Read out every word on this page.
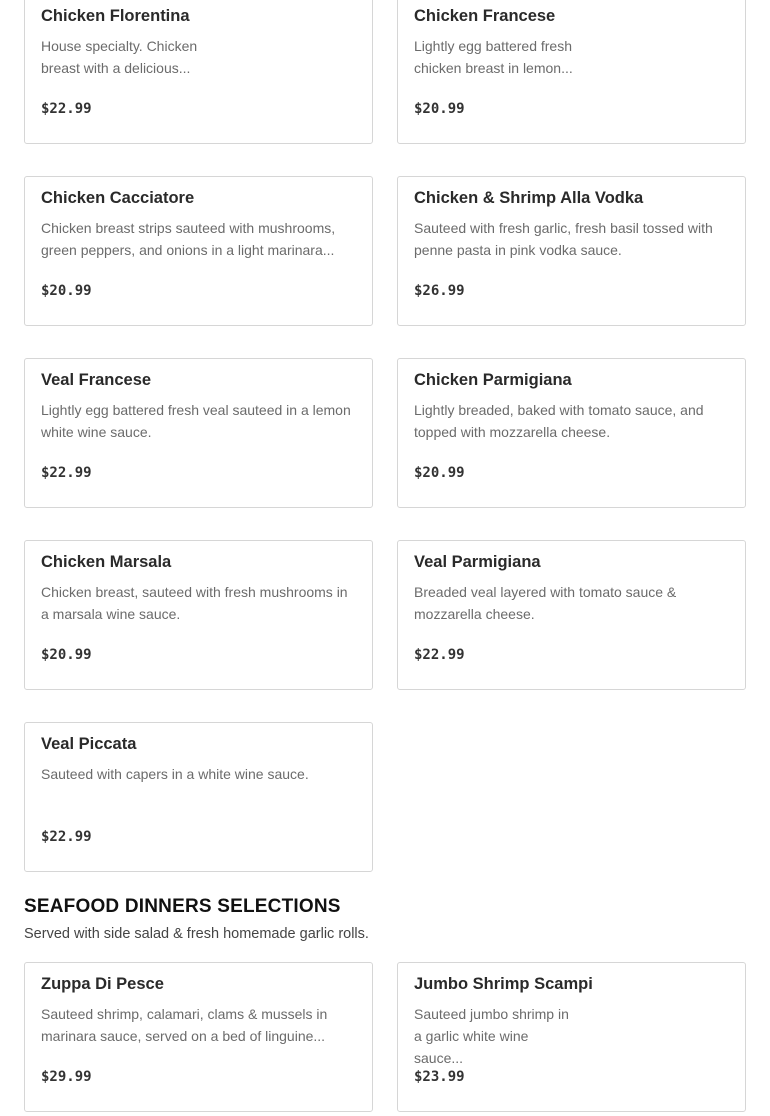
Chicken Florentina
House specialty. Chicken breast with a delicious...
$22.99
Chicken Francese
Lightly egg battered fresh chicken breast in lemon...
$20.99
Chicken Cacciatore
Chicken breast strips sauteed with mushrooms, green peppers, and onions in a light marinara...
$20.99
Chicken & Shrimp Alla Vodka
Sauteed with fresh garlic, fresh basil tossed with penne pasta in pink vodka sauce.
$26.99
Veal Francese
Lightly egg battered fresh veal sauteed in a lemon white wine sauce.
$22.99
Chicken Parmigiana
Lightly breaded, baked with tomato sauce, and topped with mozzarella cheese.
$20.99
Chicken Marsala
Chicken breast, sauteed with fresh mushrooms in a marsala wine sauce.
$20.99
Veal Parmigiana
Breaded veal layered with tomato sauce & mozzarella cheese.
$22.99
Veal Piccata
Sauteed with capers in a white wine sauce.
$22.99
SEAFOOD DINNERS SELECTIONS
Served with side salad & fresh homemade garlic rolls.
Zuppa Di Pesce
Sauteed shrimp, calamari, clams & mussels in marinara sauce, served on a bed of linguine...
$29.99
Jumbo Shrimp Scampi
Sauteed jumbo shrimp in a garlic white wine sauce...
$23.99
